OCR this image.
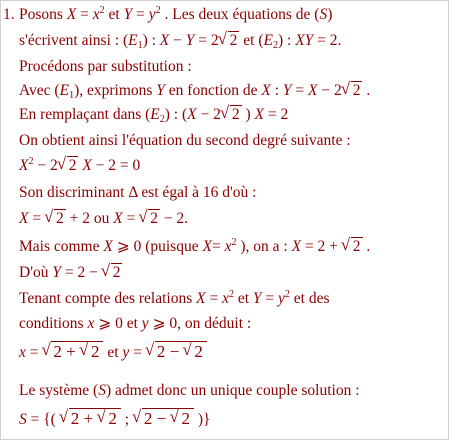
1. Posons $X = x^2$ et $Y = y^2$ . Les deux équations de (S)
s'écrivent ainsi : $(E_1)$ : X − Y = 2√ 2 et $(E_2)$ : XY = 2.
Procédons par substitution :
Avec $(E_1)$, exprimons Y en fonction de X : Y = X − 2√ 2 .
En remplaçant dans $(E_2)$ : (X − 2√ 2 ) X = 2
On obtient ainsi l'équation du second degré suivante :
$X^2 - 2√$ 2 X − 2 = 0
Son discriminant Δ est égal à 16 d'où :
X = √ 2 + 2 ou X = √ 2 − 2.
Mais comme X ⩾ 0 (puisque $X= x^2$ ), on a : X = 2 + √ 2 .
D'où Y = 2 − √ 2
Tenant compte des relations $X = x^2$ et $Y = y^2$ et des
conditions x ⩾ 0 et y ⩾ 0, on déduit :
x = √ 2 + √ 2 et y = √ 2 − √ 2
Le système (S) admet donc un unique couple solution :
S = {( √ 2 + √ 2 ; √ 2 − √ 2 )}
